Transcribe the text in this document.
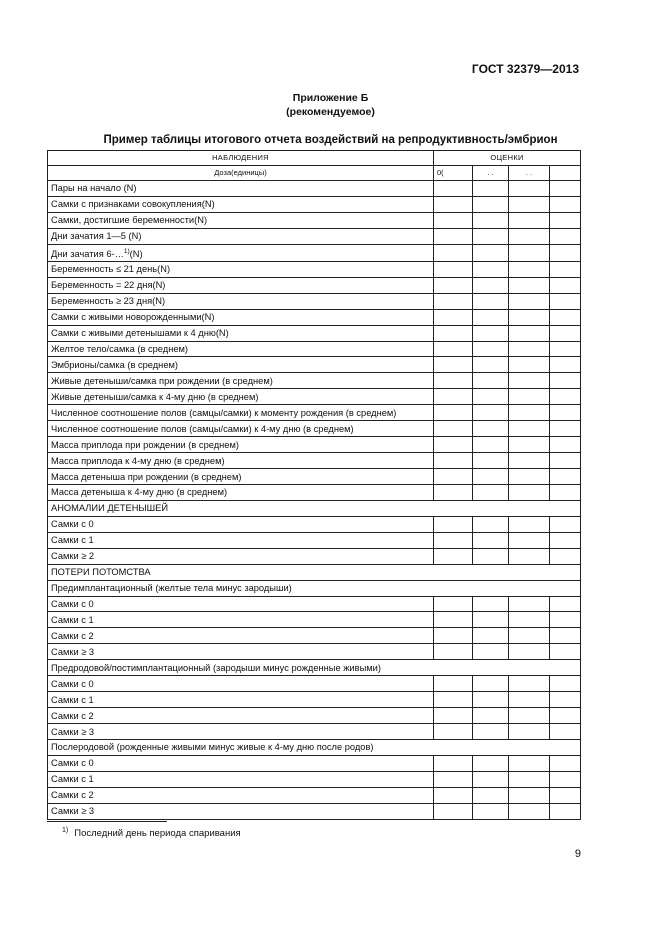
ГОСТ 32379—2013
Приложение Б
(рекомендуемое)
Пример таблицы итогового отчета воздействий на репродуктивность/эмбрион
НАБЛЮДЕНИЯ	ОЦЕНКИ			
Доза(единицы)	0(	. .	. .	
Пары на начало (N)				
Самки с признаками совокупления(N)				
Самки, достигшие беременности(N)				
Дни зачатия 1—5 (N)				
Дни зачатия 6-…$^{1)}$(N)				
Беременность ≤ 21 день(N)				
Беременность = 22 дня(N)				
Беременность ≥ 23 дня(N)				
Самки с живыми новорожденными(N)				
Самки с живыми детенышами к 4 дню(N)				
Желтое тело/самка (в среднем)				
Эмбрионы/самка (в среднем)				
Живые детеныши/самка при рождении (в среднем)				
Живые детеныши/самка к 4-му дню (в среднем)				
Численное соотношение полов (самцы/самки) к моменту рождения (в среднем)				
Численное соотношение полов (самцы/самки) к 4-му дню (в среднем)				
Масса приплода при рождении (в среднем)				
Масса приплода к 4-му дню (в среднем)				
Масса детеныша при рождении (в среднем)				
Масса детеныша к 4-му дню (в среднем)				
АНОМАЛИИ ДЕТЕНЫШЕЙ				
Самки с 0				
Самки с 1				
Самки ≥ 2				
ПОТЕРИ ПОТОМСТВА				
Предимплантационный (желтые тела минус зародыши)				
Самки с 0				
Самки с 1				
Самки с 2				
Самки ≥ 3				
Предродовой/постимплантационный (зародыши минус рожденные живыми)				
Самки с 0				
Самки с 1				
Самки с 2				
Самки ≥ 3				
Послеродовой (рожденные живыми минус живые к 4-му дню после родов)				
Самки с 0				
Самки с 1				
Самки с 2				
Самки ≥ 3				
$^{1)}$ Последний день периода спаривания
9
